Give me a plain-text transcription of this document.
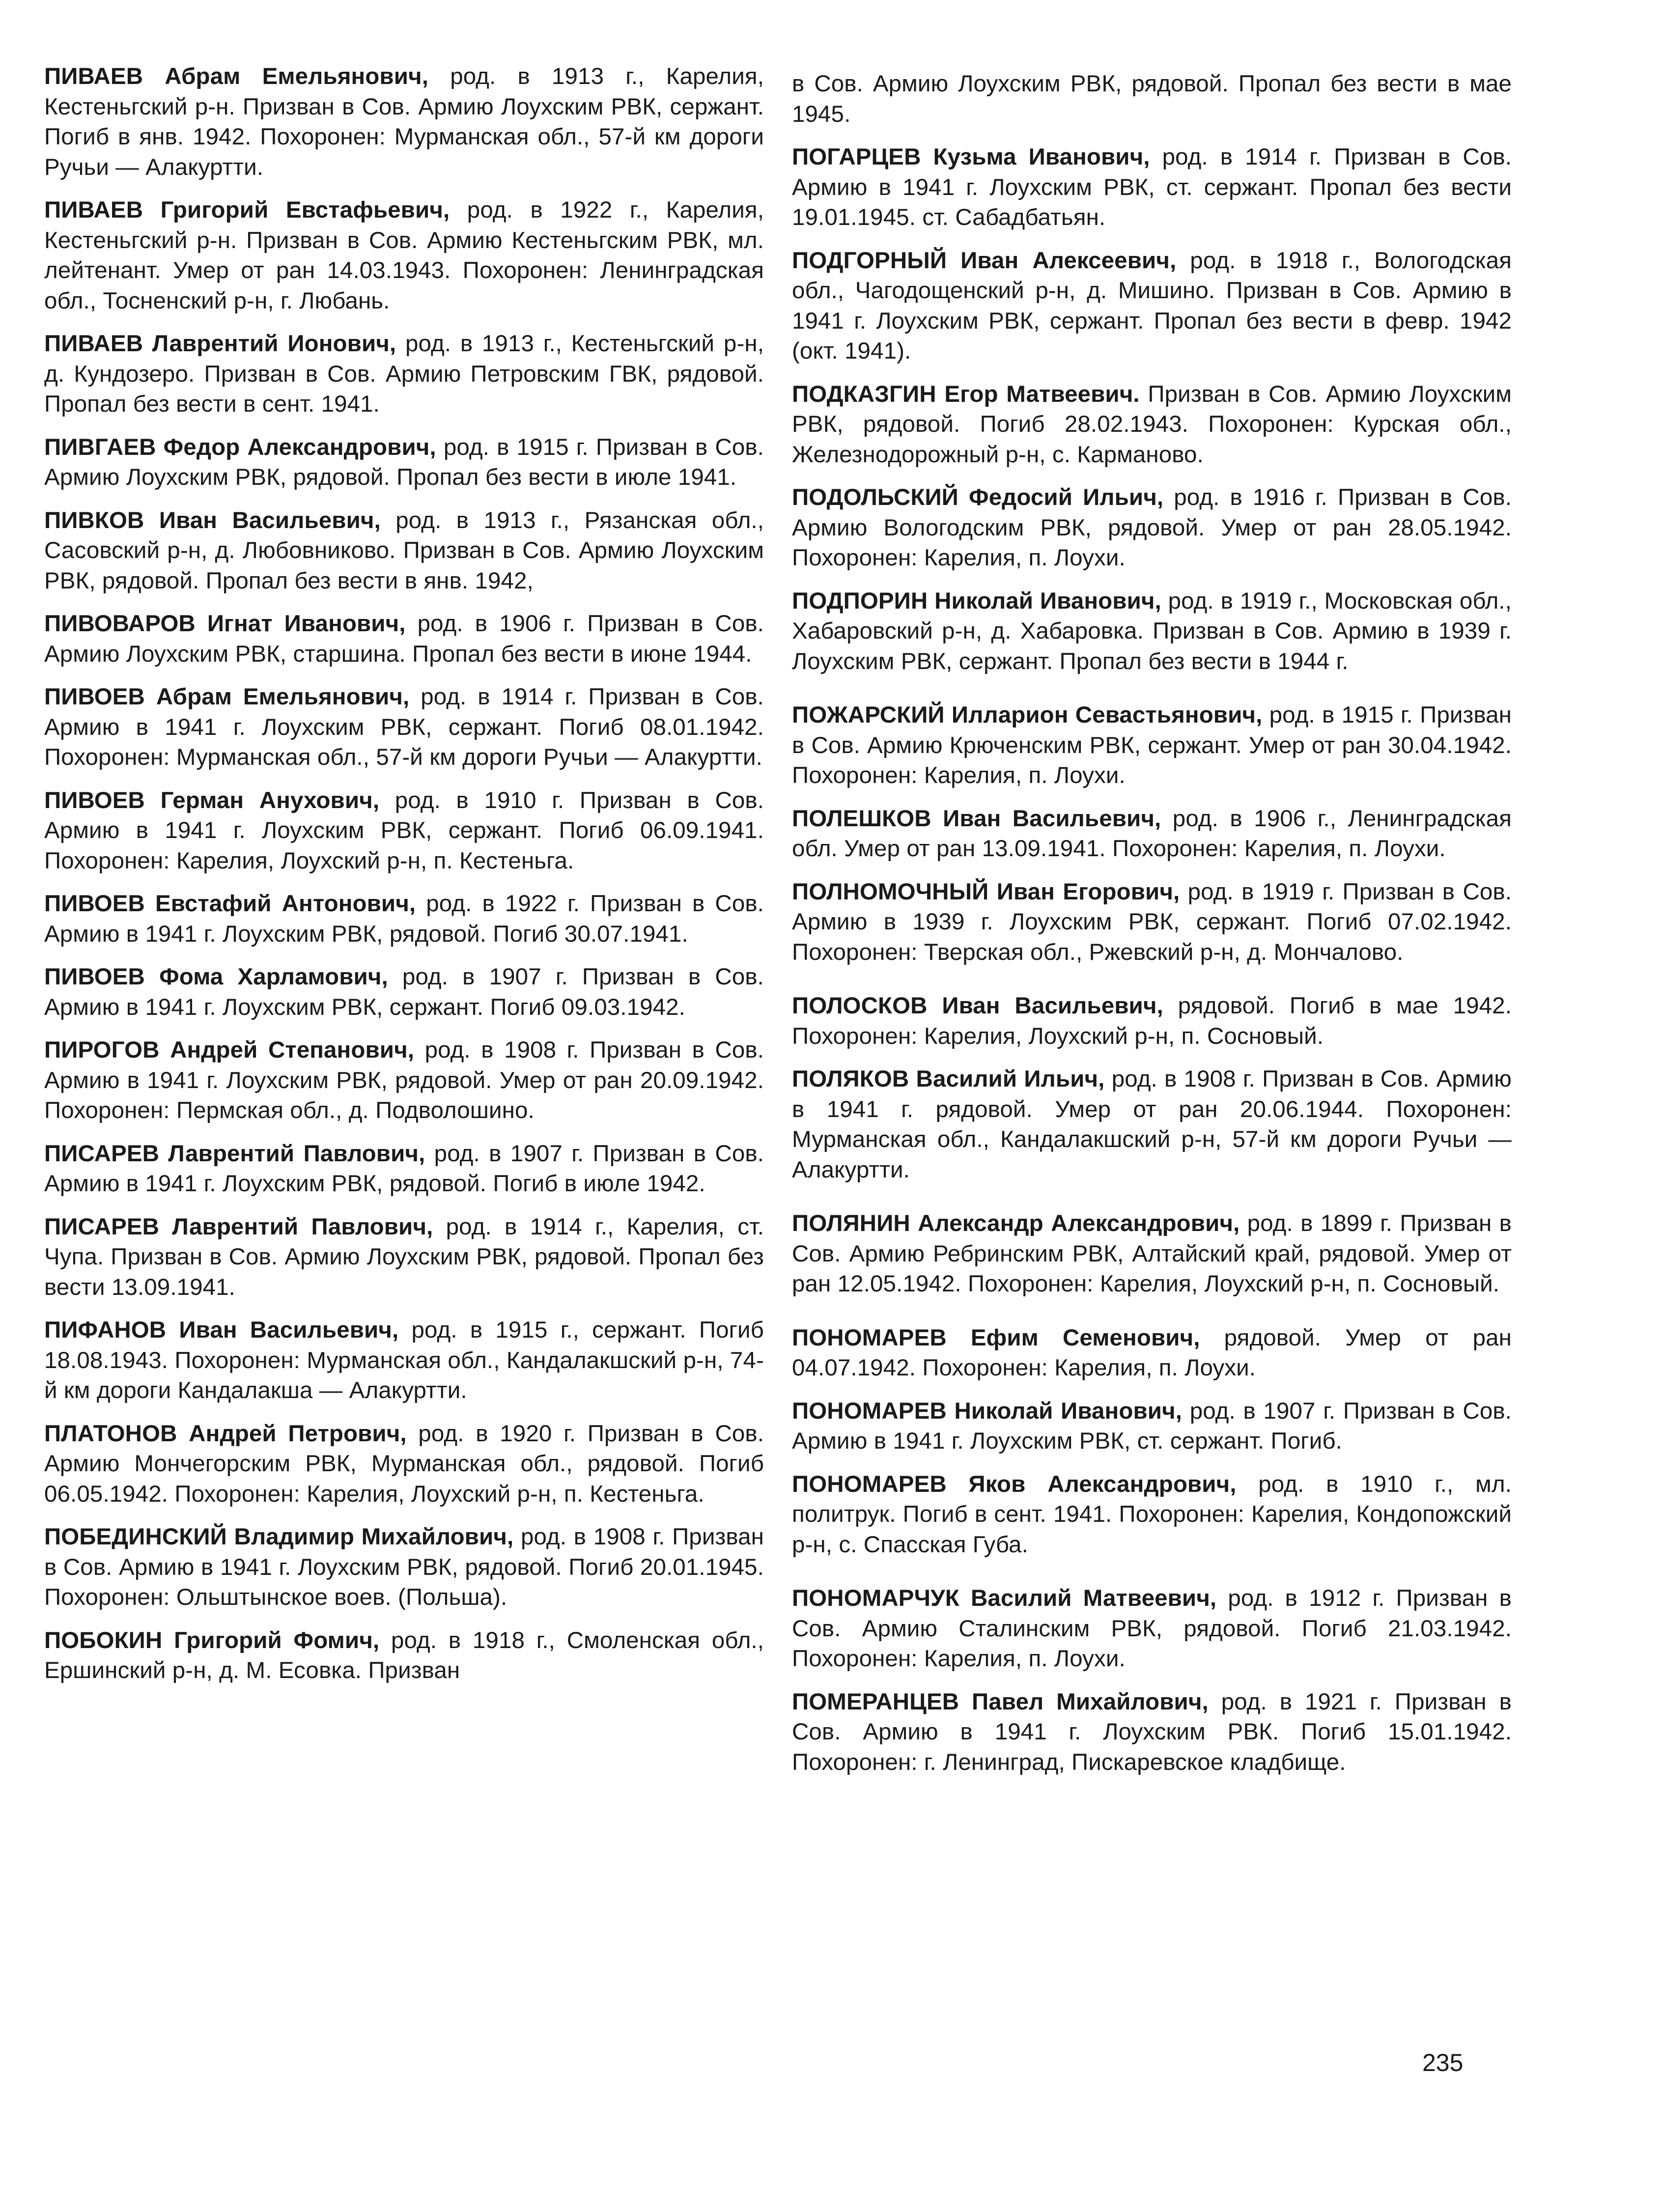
ПИВАЕВ Абрам Емельянович, род. в 1913 г., Карелия, Кестеньгский р-н. Призван в Сов. Армию Лоухским РВК, сержант. Погиб в янв. 1942. Похоронен: Мурманская обл., 57-й км дороги Ручьи — Алакуртти.

ПИВАЕВ Григорий Евстафьевич, род. в 1922 г., Карелия, Кестеньгский р-н. Призван в Сов. Армию Кестеньгским РВК, мл. лейтенант. Умер от ран 14.03.1943. Похоронен: Ленинградская обл., Тосненский р-н, г. Любань.

ПИВАЕВ Лаврентий Ионович, род. в 1913 г., Кестеньгский р-н, д. Кундозеро. Призван в Сов. Армию Петровским ГВК, рядовой. Пропал без вести в сент. 1941.

ПИВГАЕВ Федор Александрович, род. в 1915 г. Призван в Сов. Армию Лоухским РВК, рядовой. Пропал без вести в июле 1941.

ПИВКОВ Иван Васильевич, род. в 1913 г., Рязанская обл., Сасовский р-н, д. Любовниково. Призван в Сов. Армию Лоухским РВК, рядовой. Пропал без вести в янв. 1942,

ПИВОВАРОВ Игнат Иванович, род. в 1906 г. Призван в Сов. Армию Лоухским РВК, старшина. Пропал без вести в июне 1944.

ПИВОЕВ Абрам Емельянович, род. в 1914 г. Призван в Сов. Армию в 1941 г. Лоухским РВК, сержант. Погиб 08.01.1942. Похоронен: Мурманская обл., 57-й км дороги Ручьи — Алакуртти.

ПИВОЕВ Герман Анухович, род. в 1910 г. Призван в Сов. Армию в 1941 г. Лоухским РВК, сержант. Погиб 06.09.1941. Похоронен: Карелия, Лоухский р-н, п. Кестеньга.

ПИВОЕВ Евстафий Антонович, род. в 1922 г. Призван в Сов. Армию в 1941 г. Лоухским РВК, рядовой. Погиб 30.07.1941.

ПИВОЕВ Фома Харламович, род. в 1907 г. Призван в Сов. Армию в 1941 г. Лоухским РВК, сержант. Погиб 09.03.1942.

ПИРОГОВ Андрей Степанович, род. в 1908 г. Призван в Сов. Армию в 1941 г. Лоухским РВК, рядовой. Умер от ран 20.09.1942. Похоронен: Пермская обл., д. Подволошино.

ПИСАРЕВ Лаврентий Павлович, род. в 1907 г. Призван в Сов. Армию в 1941 г. Лоухским РВК, рядовой. Погиб в июле 1942.

ПИСАРЕВ Лаврентий Павлович, род. в 1914 г., Карелия, ст. Чупа. Призван в Сов. Армию Лоухским РВК, рядовой. Пропал без вести 13.09.1941.

ПИФАНОВ Иван Васильевич, род. в 1915 г., сержант. Погиб 18.08.1943. Похоронен: Мурманская обл., Кандалакшский р-н, 74-й км дороги Кандалакша — Алакуртти.

ПЛАТОНОВ Андрей Петрович, род. в 1920 г. Призван в Сов. Армию Мончегорским РВК, Мурманская обл., рядовой. Погиб 06.05.1942. Похоронен: Карелия, Лоухский р-н, п. Кестеньга.

ПОБЕДИНСКИЙ Владимир Михайлович, род. в 1908 г. Призван в Сов. Армию в 1941 г. Лоухским РВК, рядовой. Погиб 20.01.1945. Похоронен: Ольштынское воев. (Польша).

ПОБОКИН Григорий Фомич, род. в 1918 г., Смоленская обл., Ершинский р-н, д. М. Есовка. Призван

в Сов. Армию Лоухским РВК, рядовой. Пропал без вести в мае 1945.

ПОГАРЦЕВ Кузьма Иванович, род. в 1914 г. Призван в Сов. Армию в 1941 г. Лоухским РВК, ст. сержант. Пропал без вести 19.01.1945. ст. Сабадбатьян.

ПОДГОРНЫЙ Иван Алексеевич, род. в 1918 г., Вологодская обл., Чагодощенский р-н, д. Мишино. Призван в Сов. Армию в 1941 г. Лоухским РВК, сержант. Пропал без вести в февр. 1942 (окт. 1941).

ПОДКАЗГИН Егор Матвеевич. Призван в Сов. Армию Лоухским РВК, рядовой. Погиб 28.02.1943. Похоронен: Курская обл., Железнодорожный р-н, с. Карманово.

ПОДОЛЬСКИЙ Федосий Ильич, род. в 1916 г. Призван в Сов. Армию Вологодским РВК, рядовой. Умер от ран 28.05.1942. Похоронен: Карелия, п. Лоухи.

ПОДПОРИН Николай Иванович, род. в 1919 г., Московская обл., Хабаровский р-н, д. Хабаровка. Призван в Сов. Армию в 1939 г. Лоухским РВК, сержант. Пропал без вести в 1944 г.

ПОЖАРСКИЙ Илларион Севастьянович, род. в 1915 г. Призван в Сов. Армию Крюченским РВК, сержант. Умер от ран 30.04.1942. Похоронен: Карелия, п. Лоухи.

ПОЛЕШКОВ Иван Васильевич, род. в 1906 г., Ленинградская обл. Умер от ран 13.09.1941. Похоронен: Карелия, п. Лоухи.

ПОЛНОМОЧНЫЙ Иван Егорович, род. в 1919 г. Призван в Сов. Армию в 1939 г. Лоухским РВК, сержант. Погиб 07.02.1942. Похоронен: Тверская обл., Ржевский р-н, д. Мончалово.

ПОЛОСКОВ Иван Васильевич, рядовой. Погиб в мае 1942. Похоронен: Карелия, Лоухский р-н, п. Сосновый.

ПОЛЯКОВ Василий Ильич, род. в 1908 г. Призван в Сов. Армию в 1941 г. рядовой. Умер от ран 20.06.1944. Похоронен: Мурманская обл., Кандалакшский р-н, 57-й км дороги Ручьи — Алакуртти.

ПОЛЯНИН Александр Александрович, род. в 1899 г. Призван в Сов. Армию Ребринским РВК, Алтайский край, рядовой. Умер от ран 12.05.1942. Похоронен: Карелия, Лоухский р-н, п. Сосновый.

ПОНОМАРЕВ Ефим Семенович, рядовой. Умер от ран 04.07.1942. Похоронен: Карелия, п. Лоухи.

ПОНОМАРЕВ Николай Иванович, род. в 1907 г. Призван в Сов. Армию в 1941 г. Лоухским РВК, ст. сержант. Погиб.

ПОНОМАРЕВ Яков Александрович, род. в 1910 г., мл. политрук. Погиб в сент. 1941. Похоронен: Карелия, Кондопожский р-н, с. Спасская Губа.

ПОНОМАРЧУК Василий Матвеевич, род. в 1912 г. Призван в Сов. Армию Сталинским РВК, рядовой. Погиб 21.03.1942. Похоронен: Карелия, п. Лоухи.

ПОМЕРАНЦЕВ Павел Михайлович, род. в 1921 г. Призван в Сов. Армию в 1941 г. Лоухским РВК. Погиб 15.01.1942. Похоронен: г. Ленинград, Пискаревское кладбище.

235
